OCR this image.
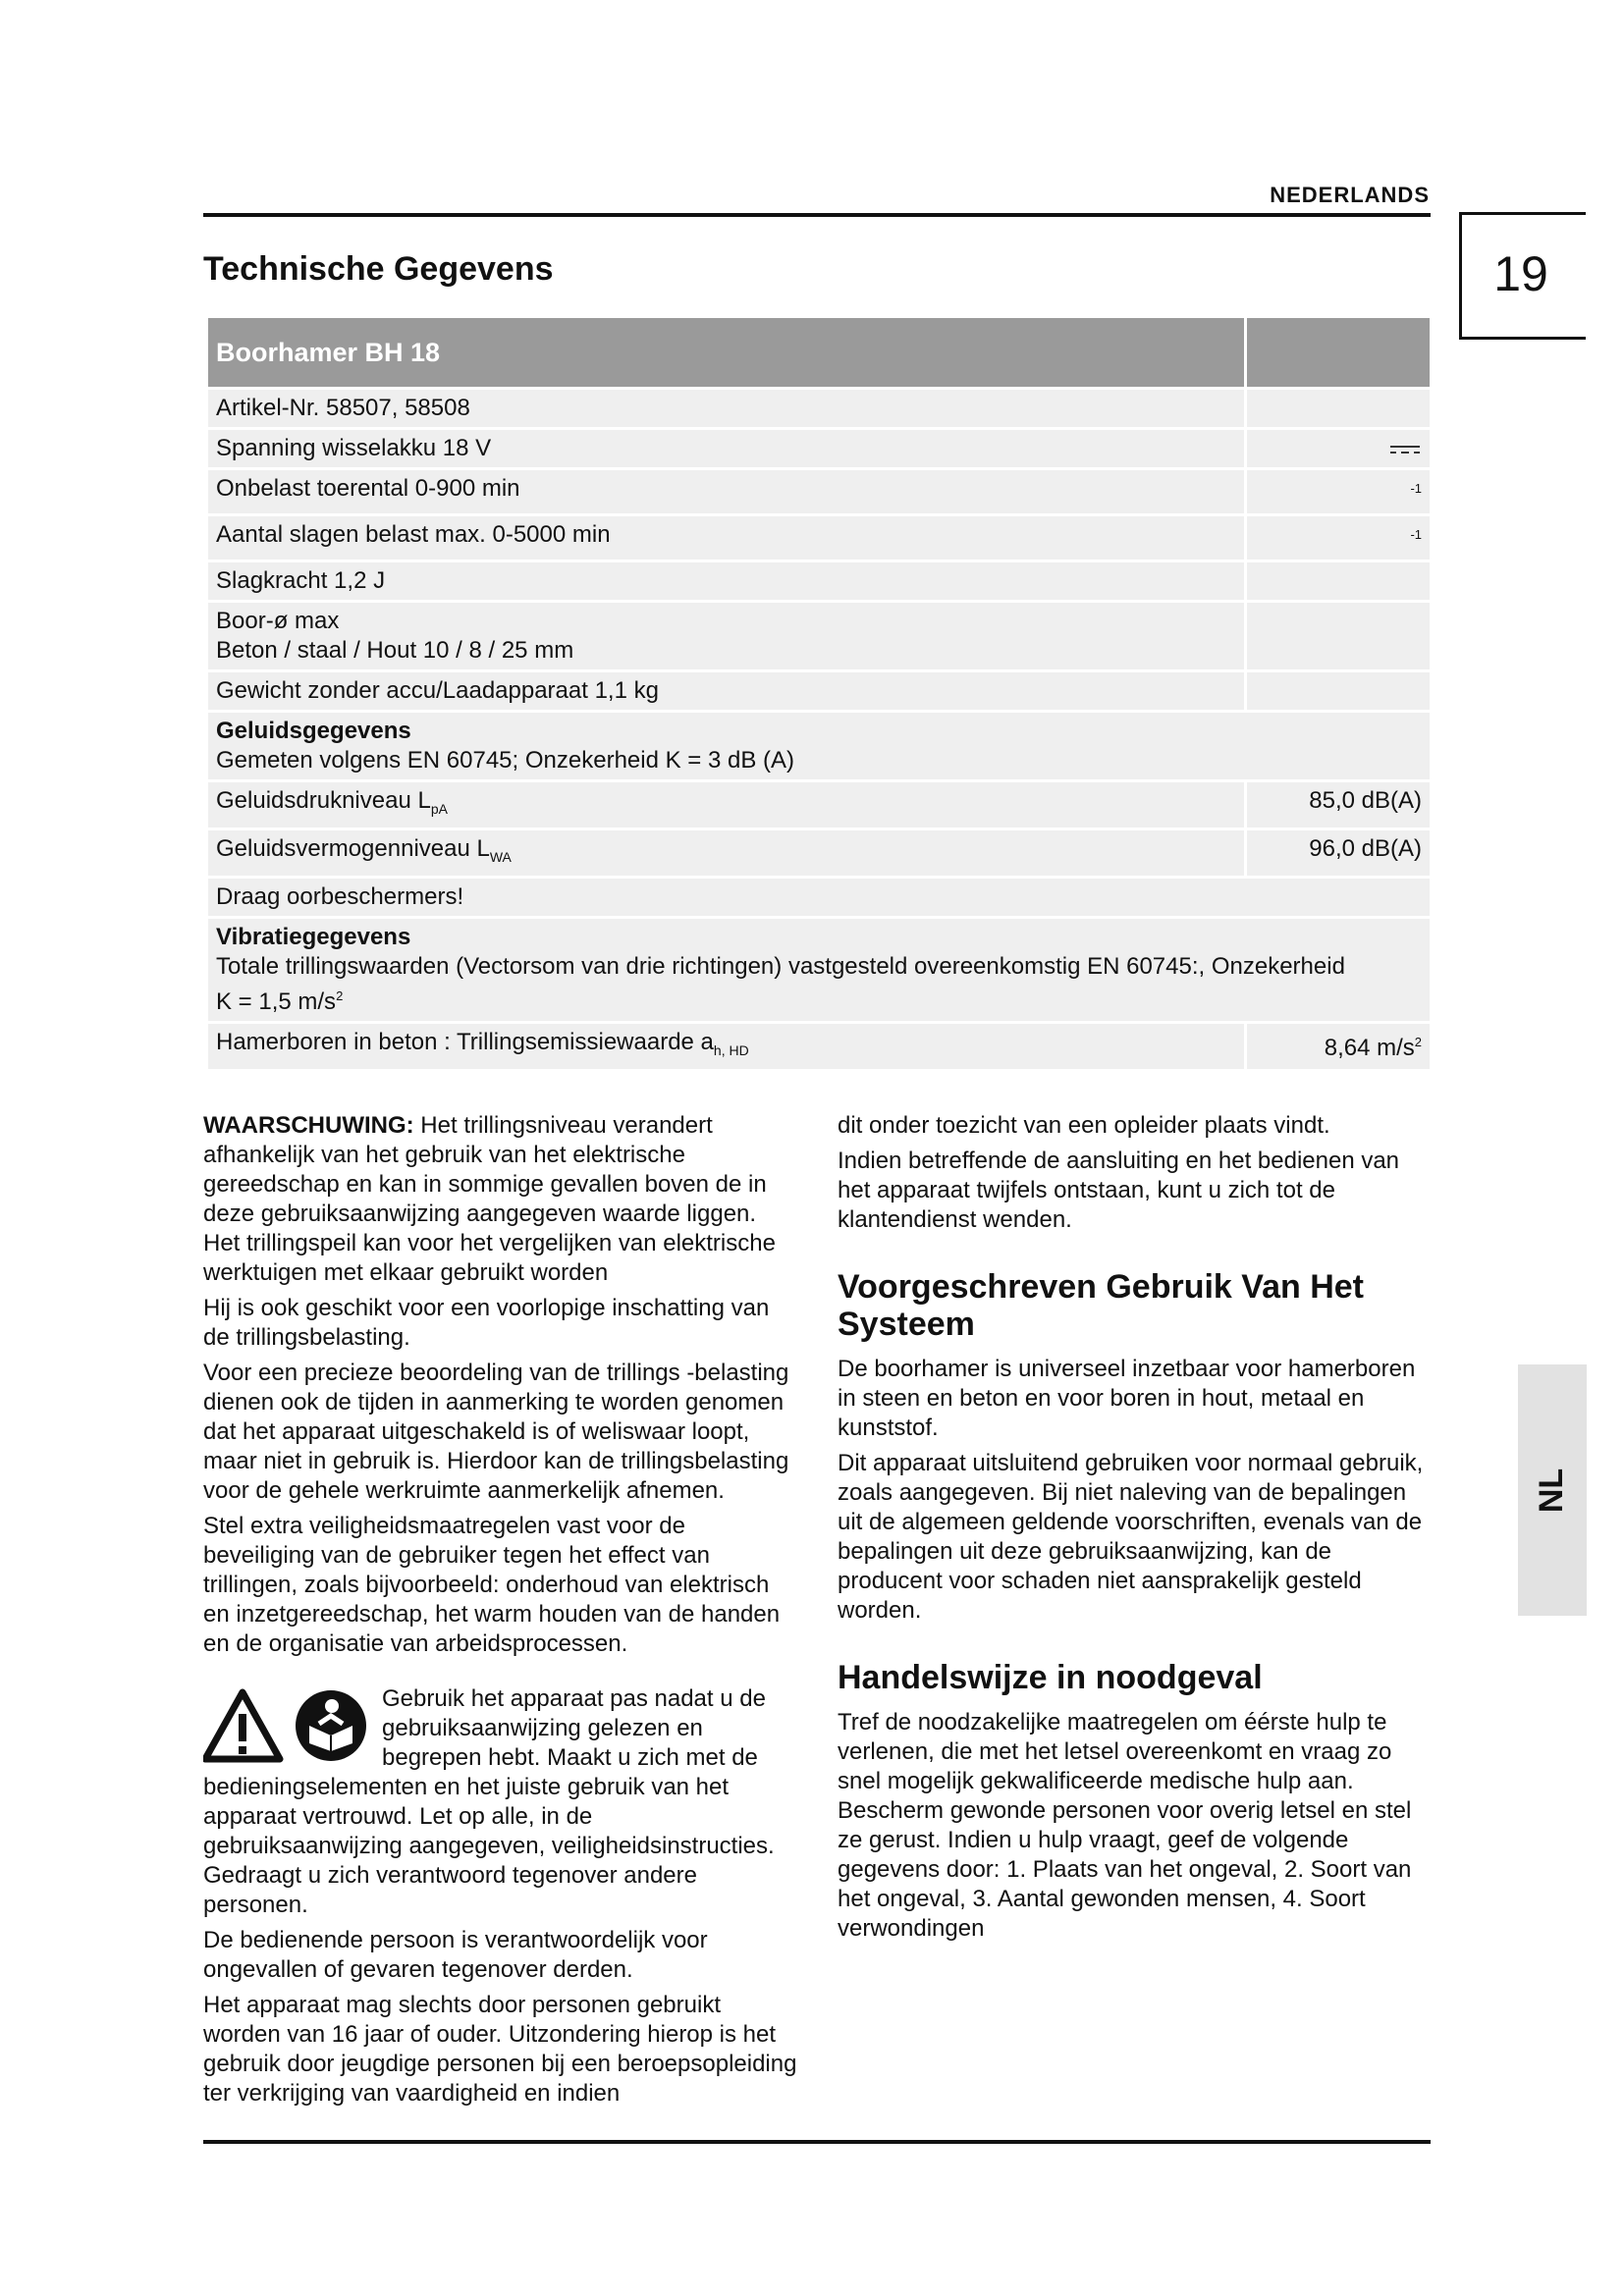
NEDERLANDS
19
Technische Gegevens
Boorhamer BH 18	
Artikel-Nr. 58507, 58508	
Spanning wisselakku 18 V	
Onbelast toerental 0-900 min	$^{-1}$
Aantal slagen belast max. 0-5000 min	$^{-1}$
Slagkracht 1,2 J	

Boor-ø max
Beton / staal / Hout 10 / 8 / 25 mm	

Gewicht zonder accu/Laadapparaat 1,1 kg	

Geluidsgegevens
Gemeten volgens EN 60745; Onzekerheid K = 3 dB (A)	

Geluidsdrukniveau $L_{pA}$	85,0 dB(A)
Geluidsvermogenniveau $L_{WA}$	96,0 dB(A)
Draag oorbeschermers!	

Vibratiegegevens
Totale trillingswaarden (Vectorsom van drie richtingen) vastgesteld overeenkomstig EN 60745:, Onzekerheid
K = 1,5 $m/s^2$

Hamerboren in beton : Trillingsemissiewaarde $a_{h, HD}$	8,64 $m/s^2$

WAARSCHUWING: Het trillingsniveau verandert afhankelijk van het gebruik van het elektrische gereedschap en kan in sommige gevallen boven de in deze gebruiksaanwijzing aangegeven waarde liggen. Het trillingspeil kan voor het vergelijken van elektrische werktuigen met elkaar gebruikt worden

Hij is ook geschikt voor een voorlopige inschatting van de trillingsbelasting.

Voor een precieze beoordeling van de trillings -belasting dienen ook de tijden in aanmerking te worden genomen dat het apparaat uitgeschakeld is of weliswaar loopt, maar niet in gebruik is. Hierdoor kan de trillingsbelasting voor de gehele werkruimte aanmerkelijk afnemen.

Stel extra veiligheidsmaatregelen vast voor de beveiliging van de gebruiker tegen het effect van trillingen, zoals bijvoorbeeld: onderhoud van elektrisch en inzetgereedschap, het warm houden van de handen en de organisatie van arbeidsprocessen.

Gebruik het apparaat pas nadat u de gebruiksaanwijzing gelezen en begrepen hebt. Maakt u zich met de bedieningselementen en het juiste gebruik van het apparaat vertrouwd. Let op alle, in de gebruiksaanwijzing aangegeven, veiligheidsinstructies. Gedraagt u zich verantwoord tegenover andere personen.

De bedienende persoon is verantwoordelijk voor ongevallen of gevaren tegenover derden.

Het apparaat mag slechts door personen gebruikt worden van 16 jaar of ouder. Uitzondering hierop is het gebruik door jeugdige personen bij een beroepsopleiding ter verkrijging van vaardigheid en indien

dit onder toezicht van een opleider plaats vindt.

Indien betreffende de aansluiting en het bedienen van het apparaat twijfels ontstaan, kunt u zich tot de klantendienst wenden.

Voorgeschreven Gebruik Van Het Systeem

De boorhamer is universeel inzetbaar voor hamerboren in steen en beton en voor boren in hout, metaal en kunststof.

Dit apparaat uitsluitend gebruiken voor normaal gebruik, zoals aangegeven. Bij niet naleving van de bepalingen uit de algemeen geldende voorschriften, evenals van de bepalingen uit deze gebruiksaanwijzing, kan de producent voor schaden niet aansprakelijk gesteld worden.

Handelswijze in noodgeval

Tref de noodzakelijke maatregelen om éérste hulp te verlenen, die met het letsel overeenkomt en vraag zo snel mogelijk gekwalificeerde medische hulp aan. Bescherm gewonde personen voor overig letsel en stel ze gerust. Indien u hulp vraagt, geef de volgende gegevens door: 1. Plaats van het ongeval, 2. Soort van het ongeval, 3. Aantal gewonden mensen, 4. Soort verwondingen

NL
